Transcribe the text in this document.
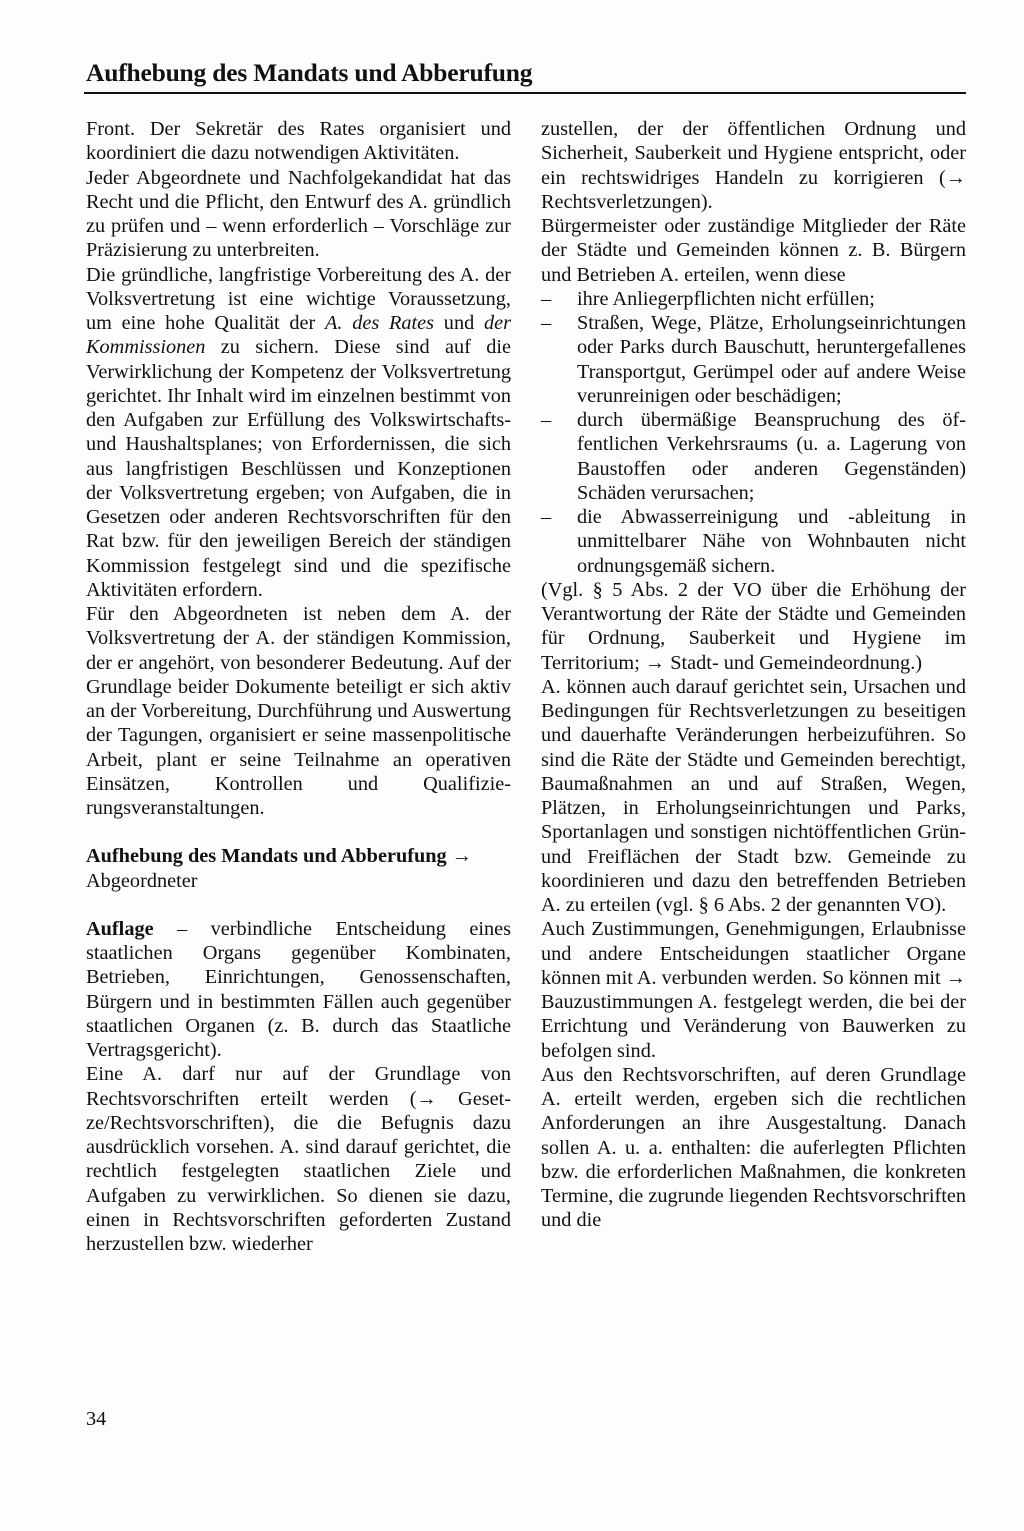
Aufhebung des Mandats und Abberufung

Front. Der Sekretär des Rates organisiert und koordiniert die dazu notwendigen Aktivitäten.

Jeder Abgeordnete und Nachfolgekandidat hat das Recht und die Pflicht, den Entwurf des A. gründlich zu prüfen und – wenn erforderlich – Vorschläge zur Präzisierung zu unterbreiten.

Die gründliche, langfristige Vorbereitung des A. der Volksvertretung ist eine wichtige Voraussetzung, um eine hohe Qualität der A. des Rates und der Kommissionen zu sichern. Diese sind auf die Verwirklichung der Kompetenz der Volksvertretung gerichtet. Ihr Inhalt wird im einzelnen bestimmt von den Aufgaben zur Erfüllung des Volkswirtschafts- und Haushaltsplanes; von Erfordernissen, die sich aus langfristigen Beschlüssen und Konzeptionen der Volksvertretung ergeben; von Aufgaben, die in Gesetzen oder anderen Rechtsvorschriften für den Rat bzw. für den jeweiligen Bereich der ständigen Kommission festgelegt sind und die spezifische Aktivitäten erfordern.

Für den Abgeordneten ist neben dem A. der Volksvertretung der A. der ständigen Kommission, der er angehört, von besonderer Bedeutung. Auf der Grundlage beider Dokumente beteiligt er sich aktiv an der Vorbereitung, Durchführung und Auswertung der Tagungen, organisiert er seine massenpolitische Arbeit, plant er seine Teilnahme an operativen Einsätzen, Kontrollen und Qualifizierungsveranstaltungen.

Aufhebung des Mandats und Abberufung →
Abgeordneter

Auflage – verbindliche Entscheidung eines staatlichen Organs gegenüber Kombinaten, Betrieben, Einrichtungen, Genossenschaften, Bürgern und in bestimmten Fällen auch gegenüber staatlichen Organen (z. B. durch das Staatliche Vertragsgericht).

Eine A. darf nur auf der Grundlage von Rechtsvorschriften erteilt werden (→ Gesetze/Rechtsvorschriften), die die Befugnis dazu ausdrücklich vorsehen. A. sind darauf gerichtet, die rechtlich festgelegten staatlichen Ziele und Aufgaben zu verwirklichen. So dienen sie dazu, einen in Rechtsvorschriften geforderten Zustand herzustellen bzw. wiederher

zustellen, der der öffentlichen Ordnung und Sicherheit, Sauberkeit und Hygiene entspricht, oder ein rechtswidriges Handeln zu korrigieren (→ Rechtsverletzungen).

Bürgermeister oder zuständige Mitglieder der Räte der Städte und Gemeinden können z. B. Bürgern und Betrieben A. erteilen, wenn diese

– ihre Anliegerpflichten nicht erfüllen;
– Straßen, Wege, Plätze, Erholungseinrichtungen oder Parks durch Bauschutt, heruntergefallenes Transportgut, Gerümpel oder auf andere Weise verunreinigen oder beschädigen;
– durch übermäßige Beanspruchung des öffentlichen Verkehrsraums (u. a. Lagerung von Baustoffen oder anderen Gegenständen) Schäden verursachen;
– die Abwasserreinigung und -ableitung in unmittelbarer Nähe von Wohnbauten nicht ordnungsgemäß sichern.

(Vgl. § 5 Abs. 2 der VO über die Erhöhung der Verantwortung der Räte der Städte und Gemeinden für Ordnung, Sauberkeit und Hygiene im Territorium; → Stadt- und Gemeindeordnung.)

A. können auch darauf gerichtet sein, Ursachen und Bedingungen für Rechtsverletzungen zu beseitigen und dauerhafte Veränderungen herbeizuführen. So sind die Räte der Städte und Gemeinden berechtigt, Baumaßnahmen an und auf Straßen, Wegen, Plätzen, in Erholungseinrichtungen und Parks, Sportanlagen und sonstigen nichtöffentlichen Grün- und Freiflächen der Stadt bzw. Gemeinde zu koordinieren und dazu den betreffenden Betrieben A. zu erteilen (vgl. § 6 Abs. 2 der genannten VO).

Auch Zustimmungen, Genehmigungen, Erlaubnisse und andere Entscheidungen staatlicher Organe können mit A. verbunden werden. So können mit → Bauzustimmungen A. festgelegt werden, die bei der Errichtung und Veränderung von Bauwerken zu befolgen sind.

Aus den Rechtsvorschriften, auf deren Grundlage A. erteilt werden, ergeben sich die rechtlichen Anforderungen an ihre Ausgestaltung. Danach sollen A. u. a. enthalten: die auferlegten Pflichten bzw. die erforderlichen Maßnahmen, die konkreten Termine, die zugrunde liegenden Rechtsvorschriften und die

34
